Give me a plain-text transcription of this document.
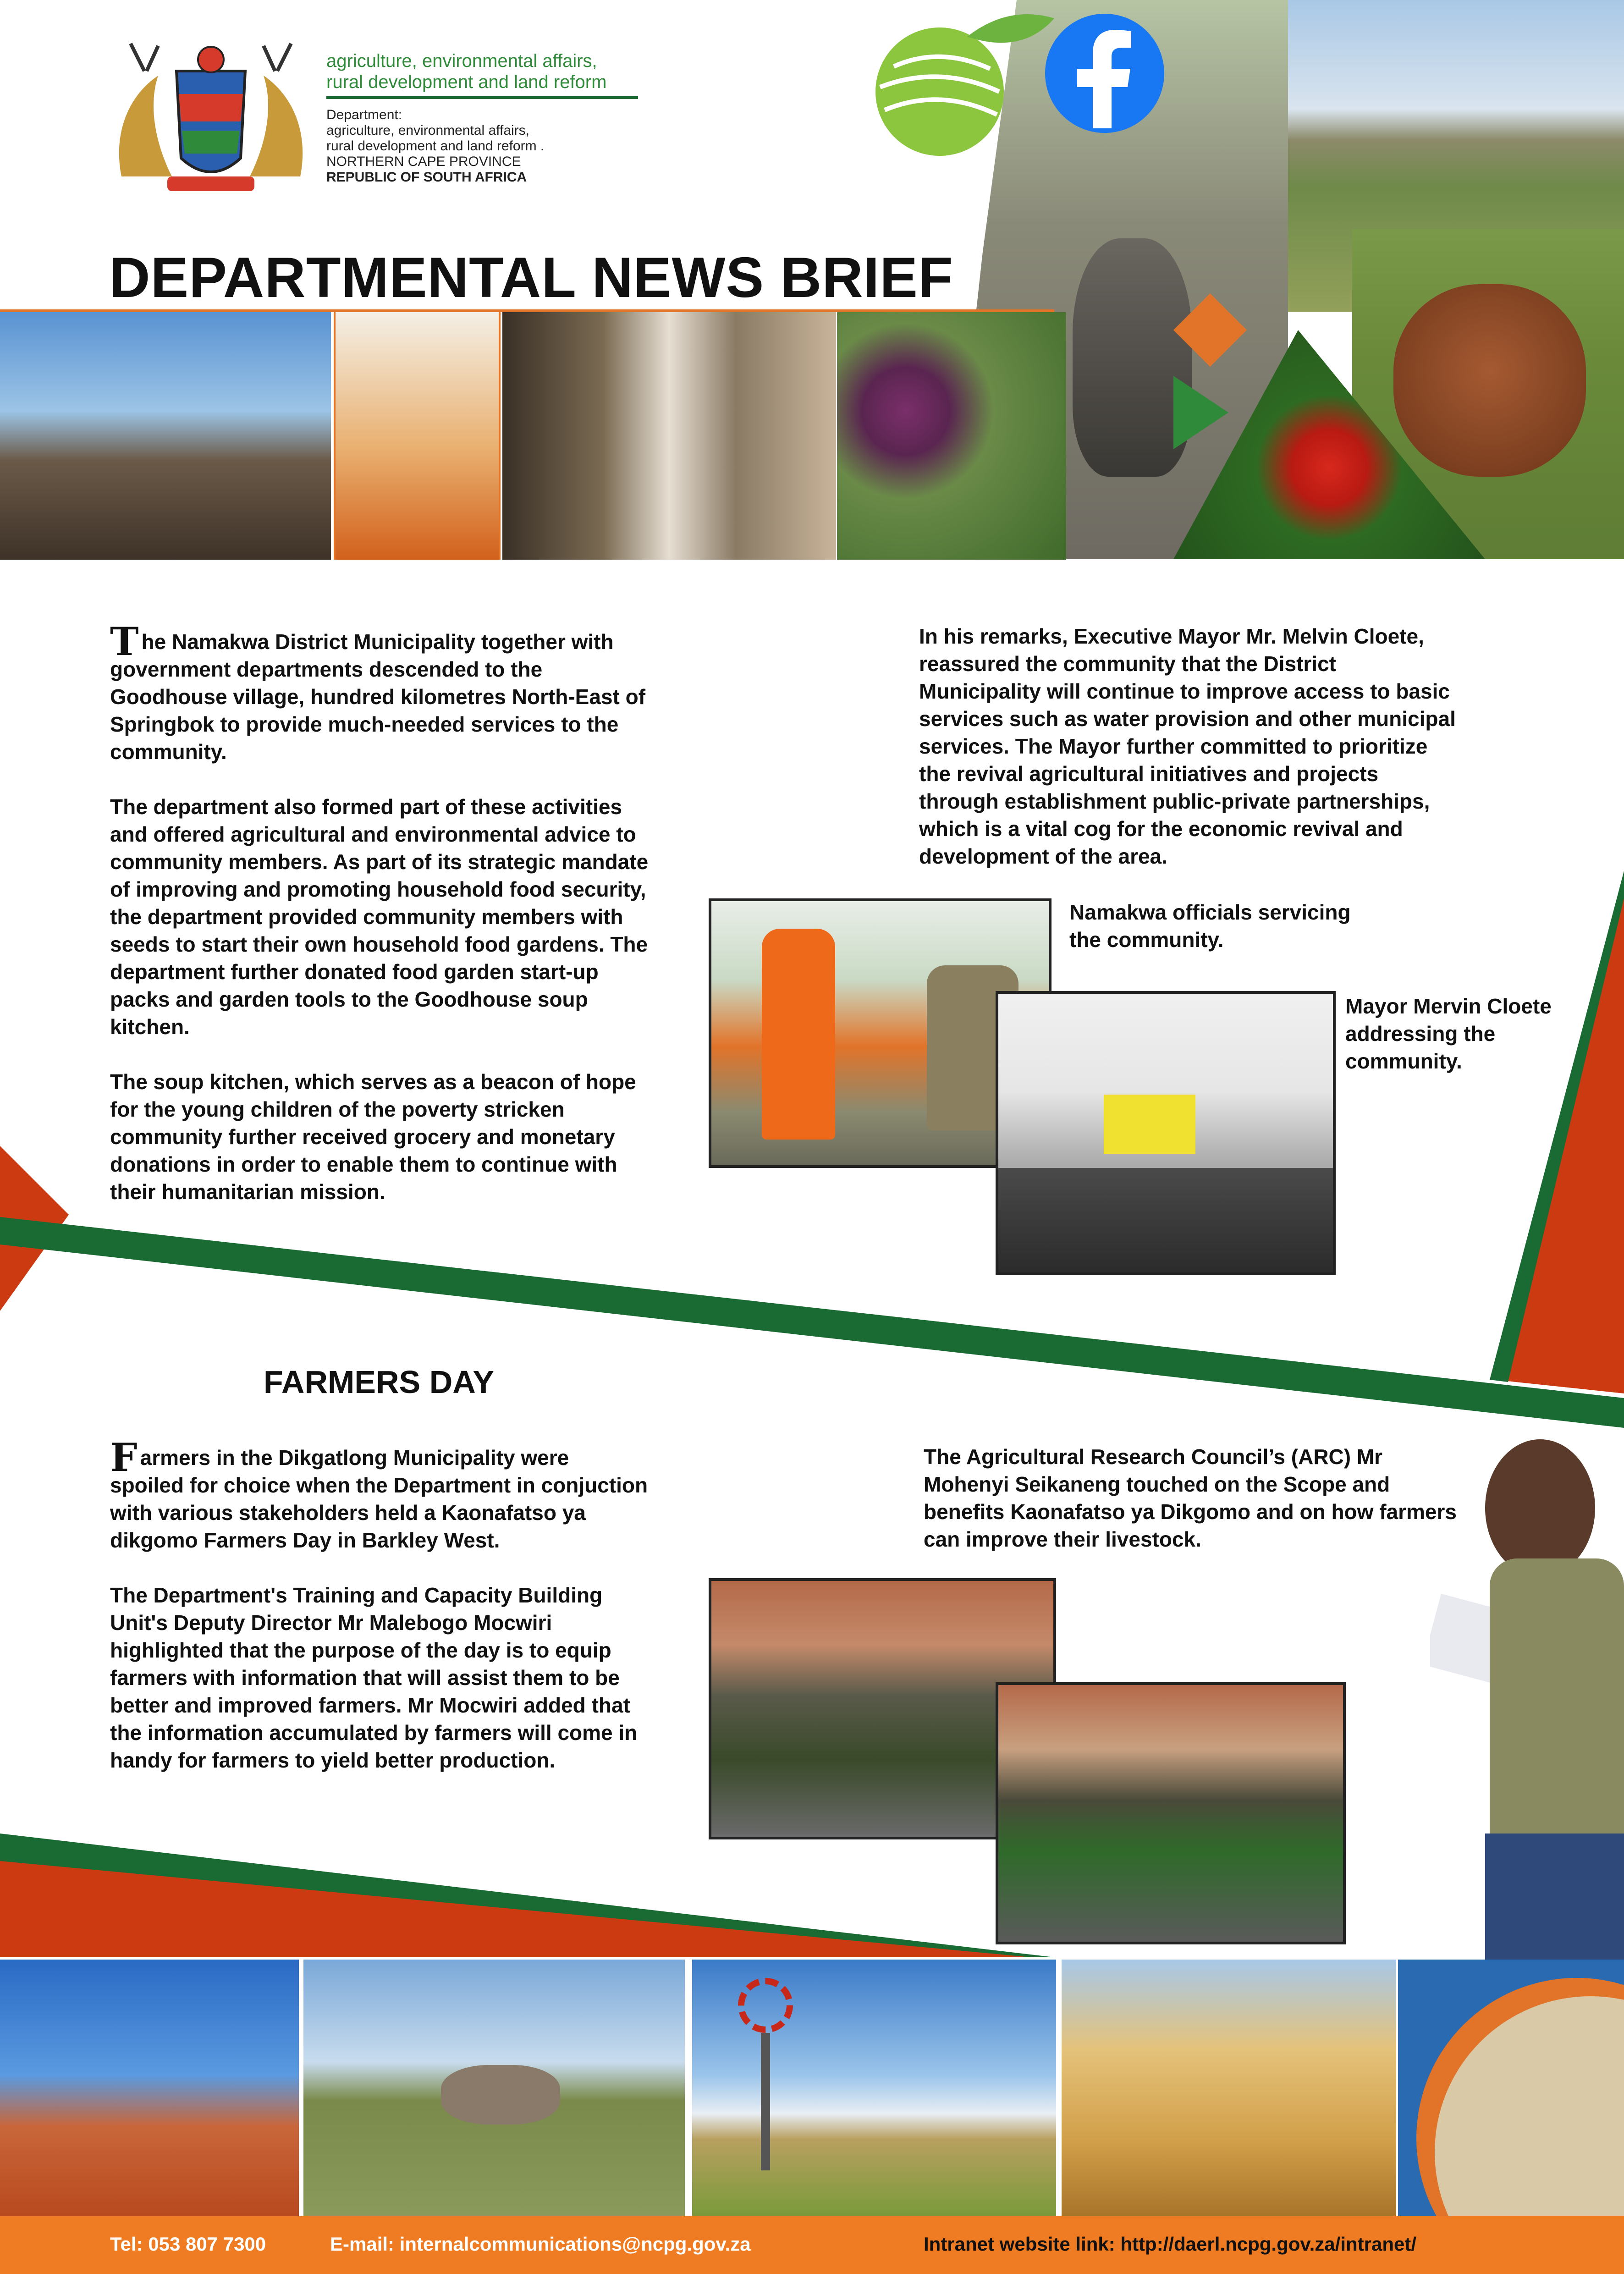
agriculture, environmental affairs,
rural development and land reform
Department:
agriculture, environmental affairs,
rural development and land reform .
NORTHERN CAPE PROVINCE
REPUBLIC OF SOUTH AFRICA
DEPARTMENTAL NEWS BRIEF

The Namakwa District Municipality together with
government departments descended to the
Goodhouse village, hundred kilometres North-East of
Springbok to provide much-needed services to the
community.

The department also formed part of these activities
and offered agricultural and environmental advice to
community members. As part of its strategic mandate
of improving and promoting household food security,
the department provided community members with
seeds to start their own household food gardens. The
department further donated food garden start-up
packs and garden tools to the Goodhouse soup
kitchen.

The soup kitchen, which serves as a beacon of hope
for the young children of the poverty stricken
community further received grocery and monetary
donations in order to enable them to continue with
their humanitarian mission.

In his remarks, Executive Mayor Mr. Melvin Cloete,
reassured the community that the District
Municipality will continue to improve access to basic
services such as water provision and other municipal
services. The Mayor further committed to prioritize
the revival agricultural initiatives and projects
through establishment public-private partnerships,
which is a vital cog for the economic revival and
development of the area.

Namakwa officials servicing
the community.
Mayor Mervin Cloete
addressing the
community.
FARMERS DAY

Farmers in the Dikgatlong Municipality were
spoiled for choice when the Department in conjuction
with various stakeholders held a Kaonafatso ya
dikgomo Farmers Day in Barkley West.

The Department's Training and Capacity Building
Unit's Deputy Director Mr Malebogo Mocwiri
highlighted that the purpose of the day is to equip
farmers with information that will assist them to be
better and improved farmers. Mr Mocwiri added that
the information accumulated by farmers will come in
handy for farmers to yield better production.

The Agricultural Research Council’s (ARC) Mr
Mohenyi Seikaneng touched on the Scope and
benefits Kaonafatso ya Dikgomo and on how farmers
can improve their livestock.

Tel: 053 807 7300	E-mail: internalcommunications@ncpg.gov.za	Intranet website link: http://daerl.ncpg.gov.za/intranet/
